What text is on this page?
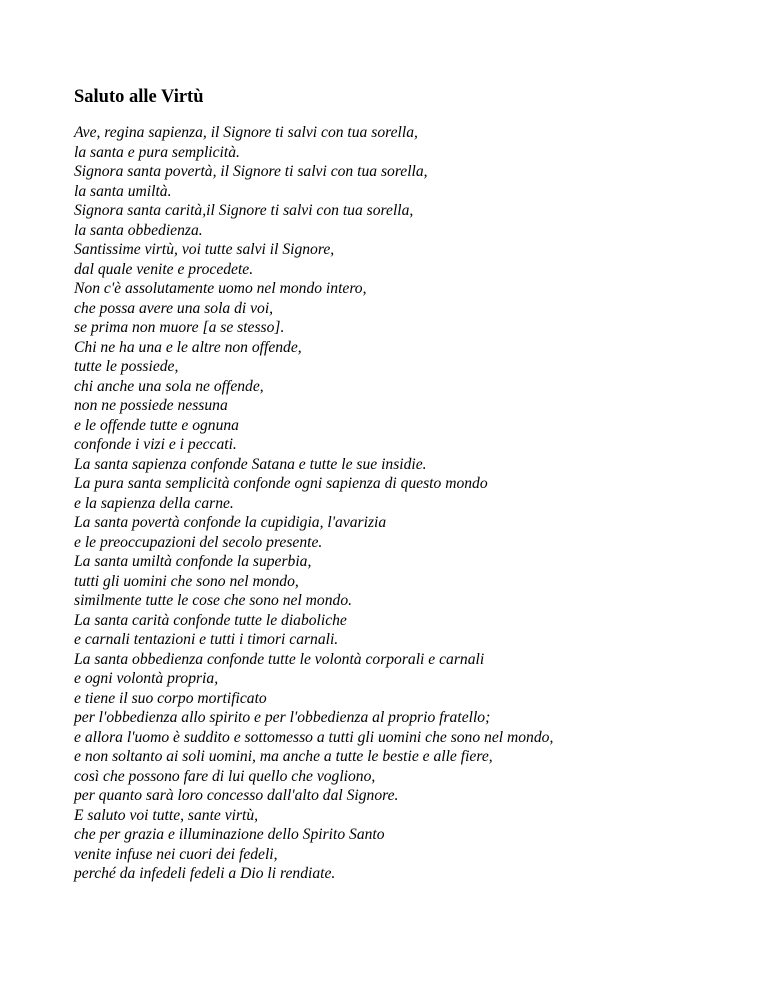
Saluto alle Virtù
Ave, regina sapienza, il Signore ti salvi con tua sorella,
la santa e pura semplicità.
Signora santa povertà, il Signore ti salvi con tua sorella,
la santa umiltà.
Signora santa carità,il Signore ti salvi con tua sorella,
la santa obbedienza.
Santissime virtù, voi tutte salvi il Signore,
dal quale venite e procedete.
Non c'è assolutamente uomo nel mondo intero,
che possa avere una sola di voi,
se prima non muore [a se stesso].
Chi ne ha una e le altre non offende,
tutte le possiede,
chi anche una sola ne offende,
non ne possiede nessuna
e le offende tutte e ognuna
confonde i vizi e i peccati.
La santa sapienza confonde Satana e tutte le sue insidie.
La pura santa semplicità confonde ogni sapienza di questo mondo
e la sapienza della carne.
La santa povertà confonde la cupidigia, l'avarizia
e le preoccupazioni del secolo presente.
La santa umiltà confonde la superbia,
tutti gli uomini che sono nel mondo,
similmente tutte le cose che sono nel mondo.
La santa carità confonde tutte le diaboliche
e carnali tentazioni e tutti i timori carnali.
La santa obbedienza confonde tutte le volontà corporali e carnali
e ogni volontà propria,
e tiene il suo corpo mortificato
per l'obbedienza allo spirito e per l'obbedienza al proprio fratello;
e allora l'uomo è suddito e sottomesso a tutti gli uomini che sono nel mondo,
e non soltanto ai soli uomini, ma anche a tutte le bestie e alle fiere,
così che possono fare di lui quello che vogliono,
per quanto sarà loro concesso dall'alto dal Signore.
E saluto voi tutte, sante virtù,
che per grazia e illuminazione dello Spirito Santo
venite infuse nei cuori dei fedeli,
perché da infedeli fedeli a Dio li rendiate.
